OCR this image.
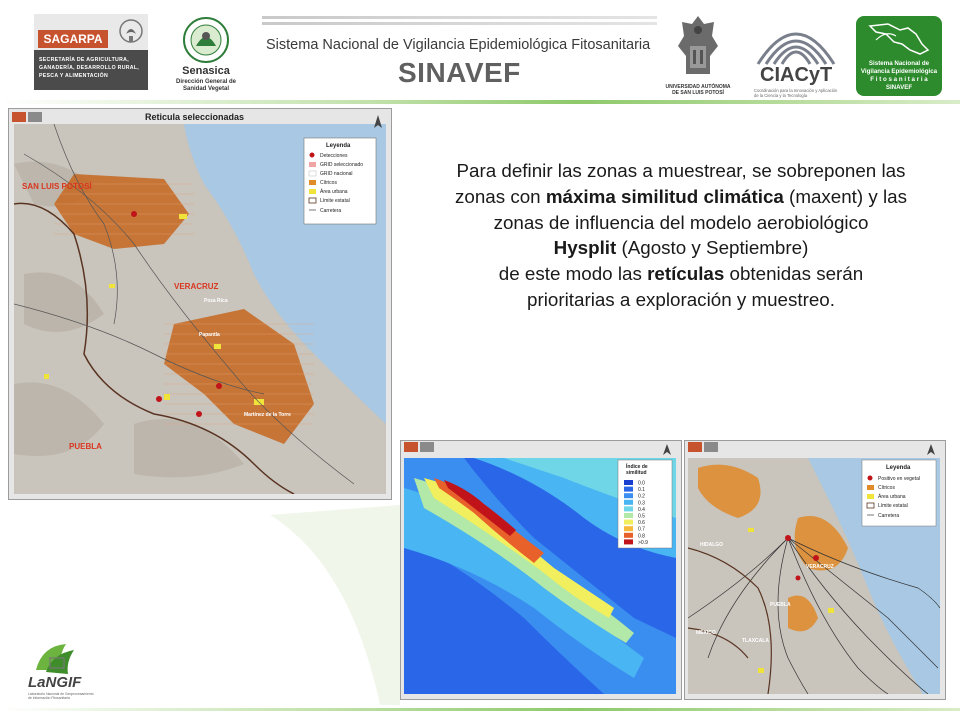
SAGARPA
SECRETARÍA DE AGRICULTURA,
GANADERÍA, DESARROLLO RURAL,
PESCA Y ALIMENTACIÓN	Senasica
Dirección General de
Sanidad Vegetal
Sistema Nacional de Vigilancia Epidemiológica Fitosanitaria
SINAVEF	UNIVERSIDAD AUTÓNOMA
DE SAN LUIS POTOSÍ
CIACyT
Coordinación para la Innovación y Aplicación
de la Ciencia y la Tecnología
Sistema Nacional de
Vigilancia Epidemiológica
F i t o s a n i t a r i a
SINAVEF
Reticula seleccionadas
SAN LUIS POTOSÍ
VERACRUZ
PUEBLA
Poza Rica
Papantla
Martínez de la Torre
Leyenda
Detecciones
GRID seleccionado
GRID nacional
Cítricos
Área urbana
Límite estatal
Carretera
Para definir las zonas a muestrear, se sobreponen las
zonas con máxima similitud climática (maxent) y las
zonas de influencia del modelo aerobiológico
Hysplit (Agosto y Septiembre)
de este modo las retículas obtenidas serán
prioritarias a exploración y muestreo.
Índice de
similitud
0.0
0.1
0.2
0.3
0.4
0.5
0.6
0.7
0.8
>0.9	HIDALGO
VERACRUZ
PUEBLA
MÉXICO
TLAXCALA
Leyenda
Positivo en vegetal
Cítricos
Área urbana
Límite estatal
Carretera
LaNGIF
Laboratorio Nacional de Geoprocesamiento
de Información Fitosanitaria
